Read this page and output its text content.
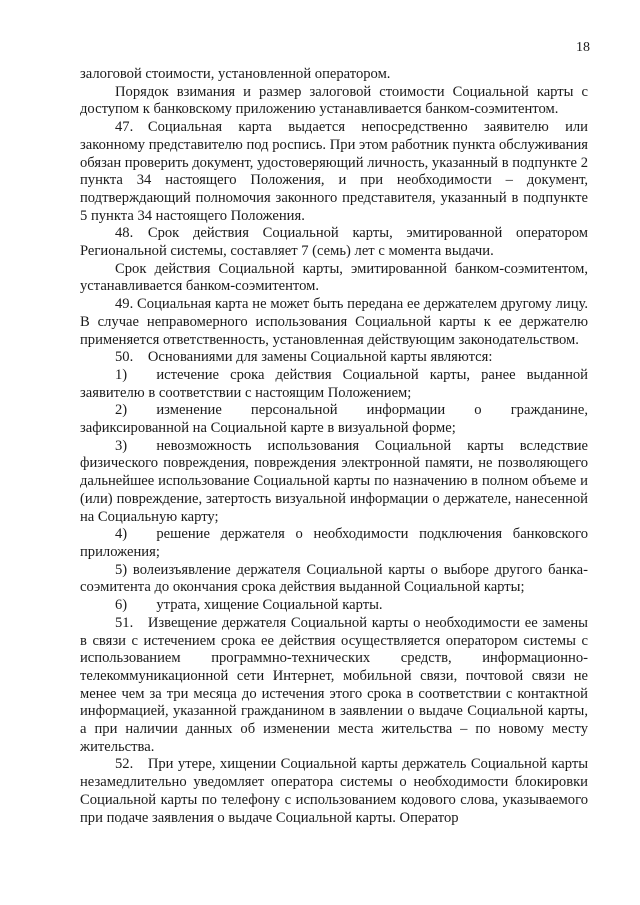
18

залоговой стоимости, установленной оператором.

Порядок взимания и размер залоговой стоимости Социальной карты с доступом к банковскому приложению устанавливается банком-соэмитентом.

47. Социальная карта выдается непосредственно заявителю или законному представителю под роспись. При этом работник пункта обслуживания обязан проверить документ, удостоверяющий личность, указанный в подпункте 2 пункта 34 настоящего Положения, и при необходимости – документ, подтверждающий полномочия законного представителя, указанный в подпункте 5 пункта 34 настоящего Положения.

48. Срок действия Социальной карты, эмитированной оператором Региональной системы, составляет 7 (семь) лет с момента выдачи.

Срок действия Социальной карты, эмитированной банком-соэмитентом, устанавливается банком-соэмитентом.

49. Социальная карта не может быть передана ее держателем другому лицу. В случае неправомерного использования Социальной карты к ее держателю применяется ответственность, установленная действующим законодательством.

50. Основаниями для замены Социальной карты являются:

1)  истечение срока действия Социальной карты, ранее выданной заявителю в соответствии с настоящим Положением;

2)  изменение персональной информации о гражданине, зафиксированной на Социальной карте в визуальной форме;

3)  невозможность использования Социальной карты вследствие физического повреждения, повреждения электронной памяти, не позволяющего дальнейшее использование Социальной карты по назначению в полном объеме и (или) повреждение, затертость визуальной информации о держателе, нанесенной на Социальную карту;

4)  решение держателя о необходимости подключения банковского приложения;

5) волеизъявление держателя Социальной карты о выборе другого банка-соэмитента до окончания срока действия выданной Социальной карты;

6)  утрата, хищение Социальной карты.

51. Извещение держателя Социальной карты о необходимости ее замены в связи с истечением срока ее действия осуществляется оператором системы с использованием программно-технических средств, информационно-телекоммуникационной сети Интернет, мобильной связи, почтовой связи не менее чем за три месяца до истечения этого срока в соответствии с контактной информацией, указанной гражданином в заявлении о выдаче Социальной карты, а при наличии данных об изменении места жительства – по новому месту жительства.

52. При утере, хищении Социальной карты держатель Социальной карты незамедлительно уведомляет оператора системы о необходимости блокировки Социальной карты по телефону с использованием кодового слова, указываемого при подаче заявления о выдаче Социальной карты. Оператор
